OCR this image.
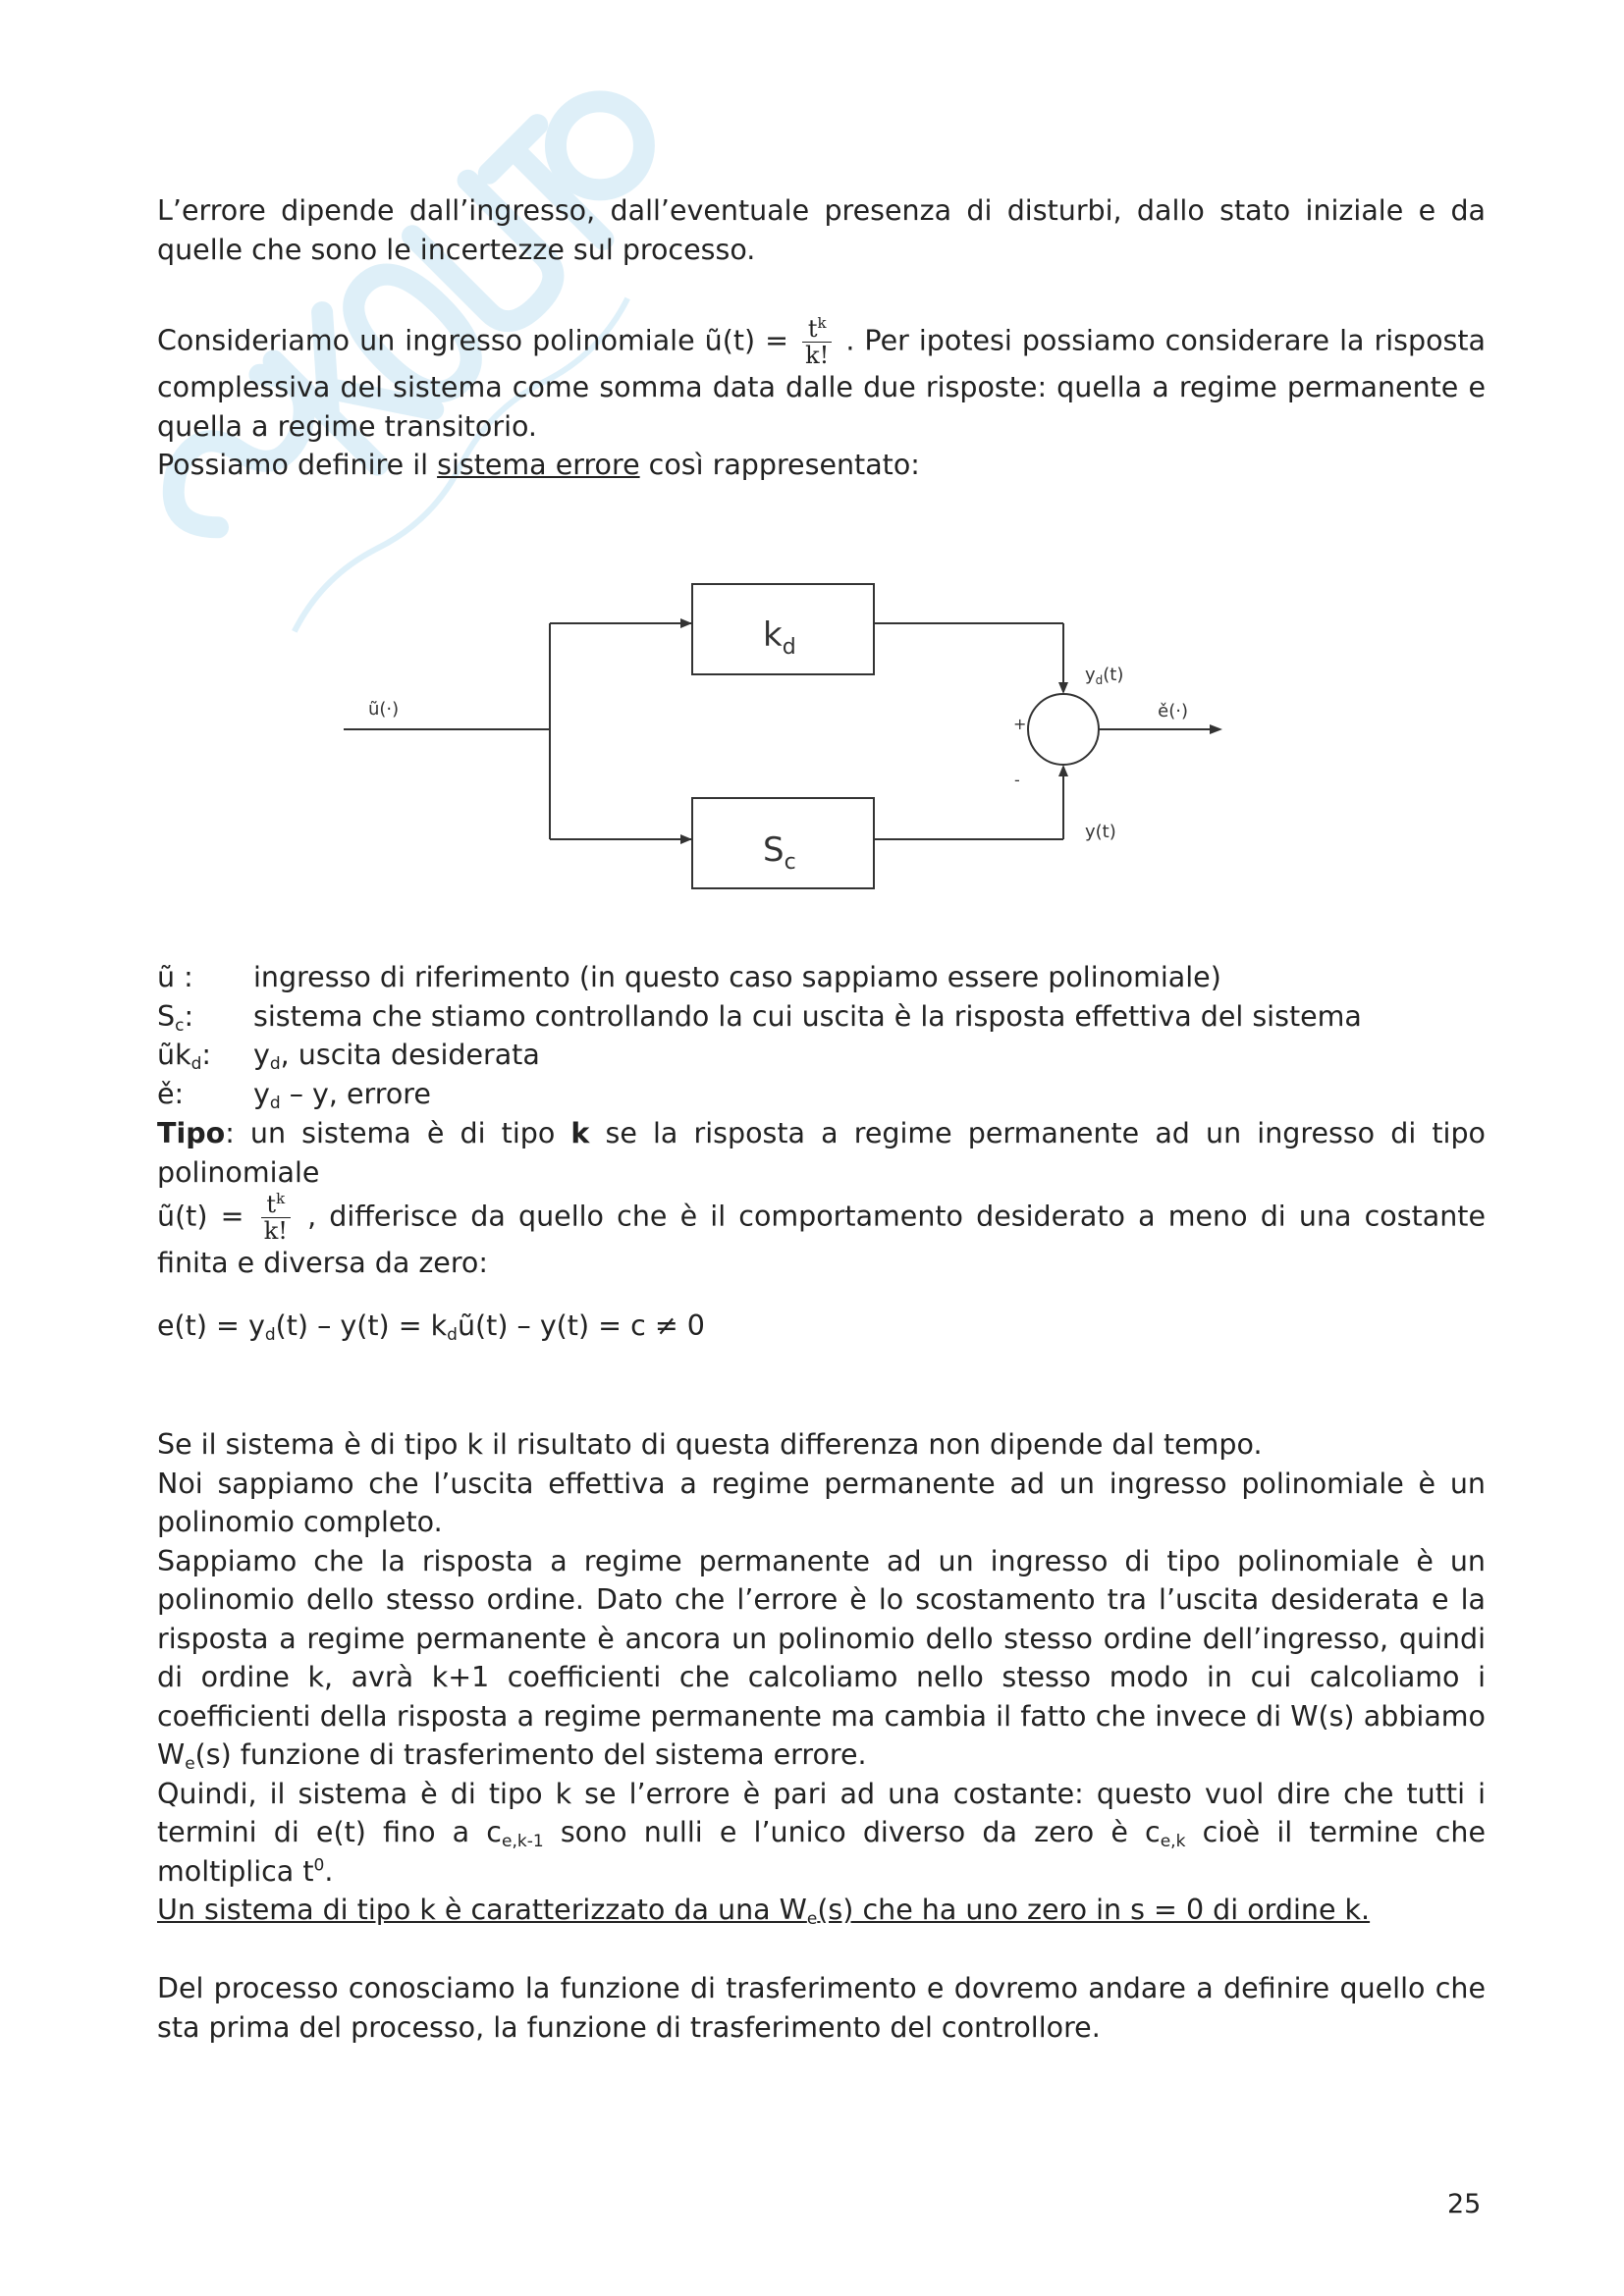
L’errore dipende dall’ingresso, dall’eventuale presenza di disturbi, dallo stato iniziale e da quelle che sono le incertezze sul processo.
Consideriamo un ingresso polinomiale ũ(t) = $\frac{t^k}{k!}$ . Per ipotesi possiamo considerare la risposta complessiva del sistema come somma data dalle due risposte: quella a regime permanente e quella a regime transitorio.
Possiamo definire il sistema errore così rappresentato:
$k_d$
$S_c$
ũ(·)	ě(·)
$y_d(t)$
y(t)
+
-
ũ :	ingresso di riferimento (in questo caso sappiamo essere polinomiale)
$S_c$:	sistema che stiamo controllando la cui uscita è la risposta effettiva del sistema
$ũk_d$:	$y_d$, uscita desiderata
ě:	$y_d$ – y, errore
Tipo: un sistema è di tipo k se la risposta a regime permanente ad un ingresso di tipo polinomiale
ũ(t) = $\frac{t^k}{k!}$ , differisce da quello che è il comportamento desiderato a meno di una costante finita e diversa da zero:
$e(t) = y_d(t) - y(t)$ = $k_dũ(t) - y(t) = c \ne 0$
Se il sistema è di tipo k il risultato di questa differenza non dipende dal tempo.
Noi sappiamo che l’uscita effettiva a regime permanente ad un ingresso polinomiale è un polinomio completo.
Sappiamo che la risposta a regime permanente ad un ingresso di tipo polinomiale è un polinomio dello stesso ordine. Dato che l’errore è lo scostamento tra l’uscita desiderata e la risposta a regime permanente è ancora un polinomio dello stesso ordine dell’ingresso, quindi di ordine k, avrà k+1 coefficienti che calcoliamo nello stesso modo in cui calcoliamo i coefficienti della risposta a regime permanente ma cambia il fatto che invece di W(s) abbiamo $W_e(s)$ funzione di trasferimento del sistema errore.
Quindi, il sistema è di tipo k se l’errore è pari ad una costante: questo vuol dire che tutti i termini di e(t) fino a $c_{e,k-1}$ sono nulli e l’unico diverso da zero è $c_{e,k}$ cioè il termine che moltiplica $t^0$.
Un sistema di tipo k è caratterizzato da una $W_e(s)$ che ha uno zero in s = 0 di ordine k.
Del processo conosciamo la funzione di trasferimento e dovremo andare a definire quello che sta prima del processo, la funzione di trasferimento del controllore.
25
